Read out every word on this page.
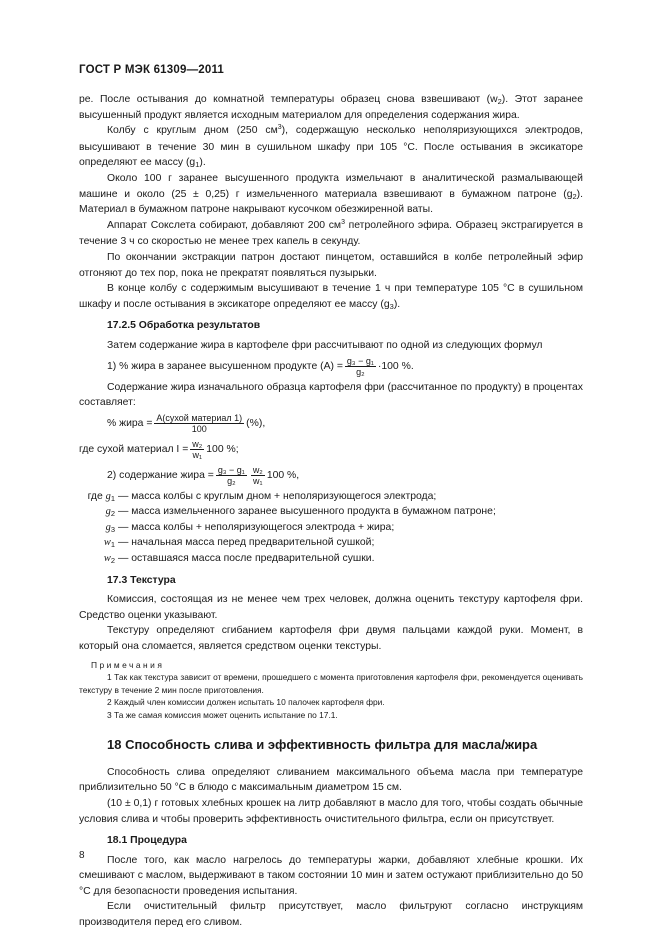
ГОСТ Р МЭК 61309—2011

ре. После остывания до комнатной температуры образец снова взвешивают (w2). Этот заранее высушенный продукт является исходным материалом для определения содержания жира.

Колбу с круглым дном (250 $см^3$), содержащую несколько неполяризующихся электродов, высушивают в течение 30 мин в сушильном шкафу при 105 °С. После остывания в эксикаторе определяют ее массу (g1).

Около 100 г заранее высушенного продукта измельчают в аналитической размалывающей машине и около (25 ± 0,25) г измельченного материала взвешивают в бумажном патроне (g2). Материал в бумажном патроне накрывают кусочком обезжиренной ваты.

Аппарат Сокслета собирают, добавляют 200 $см^3$ петролейного эфира. Образец экстрагируется в течение 3 ч со скоростью не менее трех капель в секунду.

По окончании экстракции патрон достают пинцетом, оставшийся в колбе петролейный эфир отгоняют до тех пор, пока не прекратят появляться пузырьки.

В конце колбу с содержимым высушивают в течение 1 ч при температуре 105 °С в сушильном шкафу и после остывания в эксикаторе определяют ее массу (g3).

17.2.5 Обработка результатов

Затем содержание жира в картофеле фри рассчитывают по одной из следующих формул

1) % жира в заранее высушенном продукте $(А) = \frac{\text{g₃ − g₁}}{\text{g₂}} \cdot 100$ %.

Содержание жира изначального образца картофеля фри (рассчитанное по продукту) в процентах составляет:

% жира = $\frac{\text{А(сухой материал 1)}}{100}$ (%),
где сухой материал $I = \frac{\text{w₂}}{\text{w₁}} 100$ %;
2) содержание жира = $\frac{\text{g₃ − g₁}}{\text{g₂}} \frac{\text{w₂}}{\text{w₁}} 100$ %,
где g1 — масса колбы с круглым дном + неполяризующегося электрода;
g2 — масса измельченного заранее высушенного продукта в бумажном патроне;
g3 — масса колбы + неполяризующегося электрода + жира;
w1 — начальная масса перед предварительной сушкой;
w2 — оставшаяся масса после предварительной сушки.
17.3 Текстура

Комиссия, состоящая из не менее чем трех человек, должна оценить текстуру картофеля фри. Средство оценки указывают.

Текстуру определяют сгибанием картофеля фри двумя пальцами каждой руки. Момент, в который она сломается, является средством оценки текстуры.

Примечания

1 Так как текстура зависит от времени, прошедшего с момента приготовления картофеля фри, рекомендуется оценивать текстуру в течение 2 мин после приготовления.

2 Каждый член комиссии должен испытать 10 палочек картофеля фри.

3 Та же самая комиссия может оценить испытание по 17.1.

18 Способность слива и эффективность фильтра для масла/жира

Способность слива определяют сливанием максимального объема масла при температуре приблизительно 50 °С в блюдо с максимальным диаметром 15 см.

(10 ± 0,1) г готовых хлебных крошек на литр добавляют в масло для того, чтобы создать обычные условия слива и чтобы проверить эффективность очистительного фильтра, если он присутствует.

18.1 Процедура

После того, как масло нагрелось до температуры жарки, добавляют хлебные крошки. Их смешивают с маслом, выдерживают в таком состоянии 10 мин и затем остужают приблизительно до 50 °С для безопасности проведения испытания.

Если очистительный фильтр присутствует, масло фильтруют согласно инструкциям производителя перед его сливом.

8
